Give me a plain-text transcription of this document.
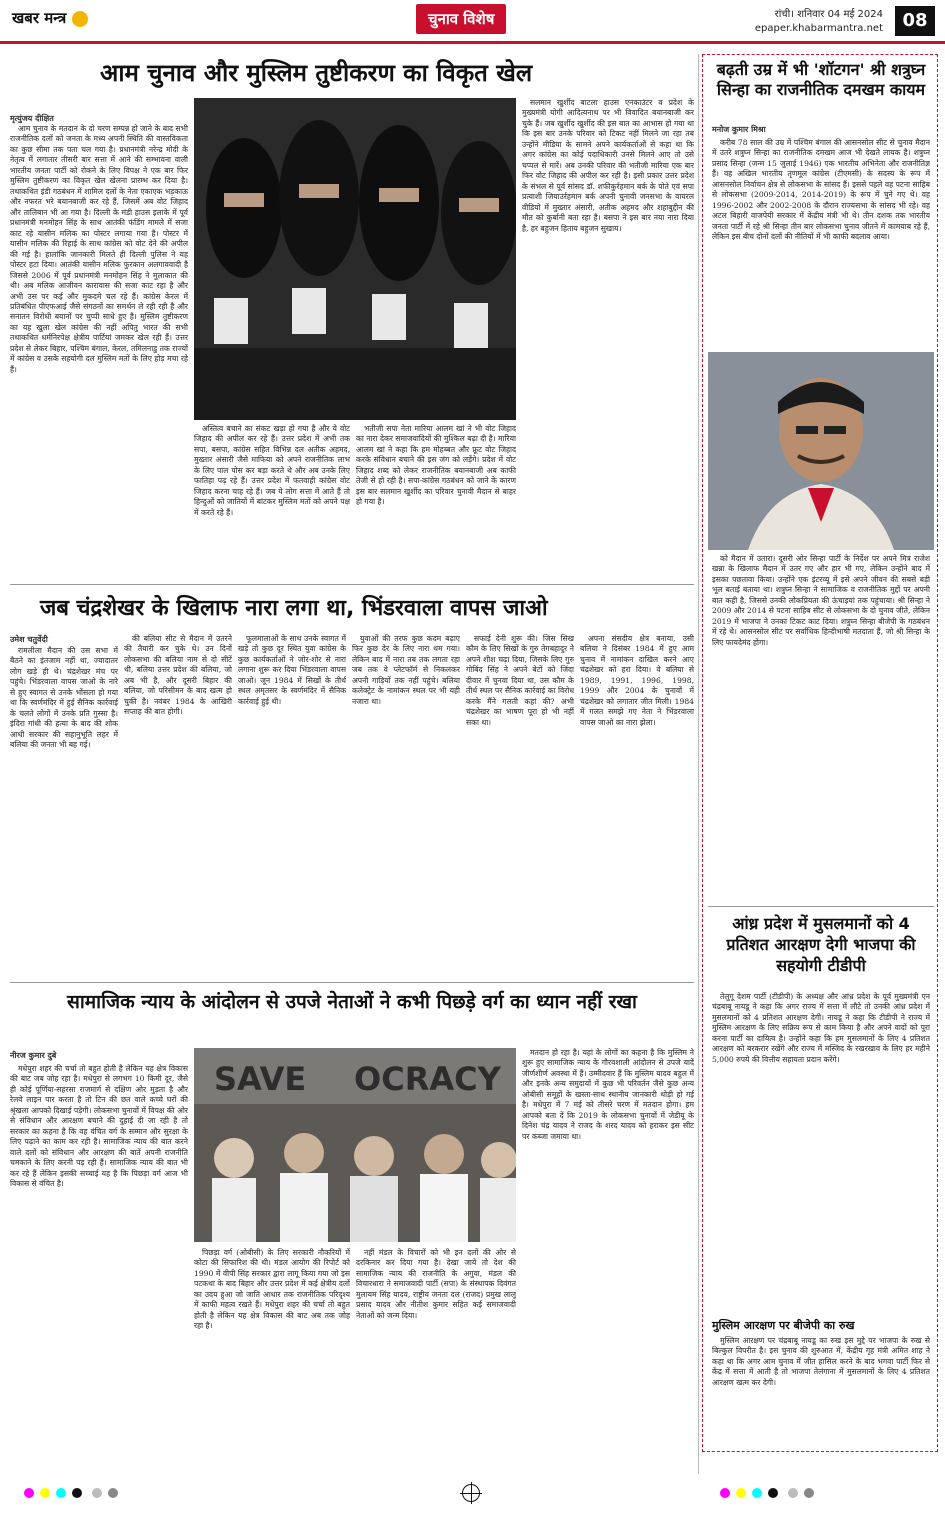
खबर मन्त्र	चुनाव विशेष	रांची। शनिवार 04 मई 2024
epaper.khabarmantra.net	08
आम चुनाव और मुस्लिम तुष्टीकरण का विकृत खेल
मृत्युंजय दीक्षित

आम चुनाव के मतदान के दो चरण सम्पन्न हो जाने के बाद सभी राजनीतिक दलों को जनता के मध्य अपनी स्थिति की वास्तविकता का कुछ सीमा तक पता चल गया है। प्रधानमंत्री नरेन्द्र मोदी के नेतृत्व में लगातार तीसरी बार सत्ता में आने की सम्भावना वाली भारतीय जनता पार्टी को रोकने के लिए विपक्ष ने एक बार फिर मुस्लिम तुष्टीकरण का विकृत खेल खेलना प्रारम्भ कर दिया है। तथाकथित इंडी गठबंधन में शामिल दलों के नेता एकाएक भड़काऊ और नफरत भरे बयानबाजी कर रहे हैं, जिसमें अब वोट जिहाद और तालिबान भी आ गया है। दिल्ली के मंडी हाउस इलाके में पूर्व प्रधानमंत्री मनमोहन सिंह के साथ आतंकी फंडिंग मामले में सजा काट रहे यासीन मलिक का पोस्टर लगाया गया है। पोस्टर में यासीन मलिक की रिहाई के साथ कांग्रेस को वोट देने की अपील की गई है। हालांकि जानकारी मिलते ही दिल्ली पुलिस ने यह पोस्टर हटा दिया। आतंकी यासीन मलिक फुरकान अलगाववादी है जिससे 2006 में पूर्व प्रधानमंत्री मनमोहन सिंह ने मुलाकात की थी। अब मलिक आजीवन कारावास की सजा काट रहा है और अभी उस पर कई और मुकदमे चल रहे हैं। कांग्रेस केरल में प्रतिबंधित पीएफआई जैसे संगठनों का समर्थन ले रही रही है और सनातन विरोधी बयानों पर चुप्पी साधे हुए है। मुस्लिम तुष्टीकरण का यह खुला खेल कांग्रेस की नहीं अपितु भारत की सभी तथाकथित धर्मनिरपेक्ष क्षेत्रीय पार्टियां जमकर खेल रही हैं। उत्तर प्रदेश से लेकर बिहार, पश्चिम बंगाल, केरल, तमिलनाडु तक राज्यों में कांग्रेस व उसके सहयोगी दल मुस्लिम मतों के लिए होड़ मचा रहे हैं।

अस्तित्व बचाने का संकट खड़ा हो गया है और ये वोट जिहाद की अपील कर रहे हैं। उत्तर प्रदेश में अभी तक सपा, बसपा, कांग्रेस सहित विभिन्न दल अतीक अहमद, मुख्तार अंसारी जैसे माफिया को अपने राजनीतिक लाभ के लिए पाल पोस कर बड़ा करते थे और अब उनके लिए फातिहा पढ़ रहे हैं। उत्तर प्रदेश में फतवाही कांग्रेस वोट जिहाद करना चाह रहे हैं। जब ये लोग सत्ता में आते हैं तो हिन्दुओं को जातियों में बांटकर मुस्लिम मतों को अपने पक्ष में करते रहे हैं।

भतीजी सपा नेता मारिया आलम खां ने भी वोट जिहाद का नारा देकर समाजवादियों की मुश्किल बढ़ा दी है। मारिया आलम खां ने कहा कि हम मोहब्बत और फ्रूट वोट जिहाद करके संविधान बचाने की इस जंग को लड़ेंगे। प्रदेश में वोट जिहाद शब्द को लेकर राजनीतिक बयानबाजी अब काफी तेजी से हो रही है। सपा-कांग्रेस गठबंधन को जाने के कारण इस बार सलमान खुर्शीद का परिवार चुनावी मैदान से बाहर हो गया है।

सलमान खुर्शीद बाटला हाउस एनकाउंटर व प्रदेश के मुख्यमंत्री योगी आदित्यनाथ पर भी विवादित बयानबाजी कर चुके हैं। जब खुर्शीद खुर्शीद की इस बात का आभास हो गया था कि इस बार उनके परिवार को टिकट नहीं मिलने जा रहा तब उन्होंने मीडिया के सामने अपने कार्यकर्ताओं से कहा था कि अगर कांग्रेस का कोई पदाधिकारी उनसे मिलने आए तो उसे चप्पल से मारें। अब उनकी परिवार की भतीजी मारिया एक बार फिर वोट जिहाद की अपील कर रही है। इसी प्रकार उत्तर प्रदेश के संभल से पूर्व सांसद डॉ. शफीकुर्रहमान बर्क के पोते एवं सपा प्रत्याशी जियाउर्रहमान बर्क अपनी चुनावी जनसभा के वायरल वीडियो में मुख्तार अंसारी, अतीक अहमद और शहाबुद्दीन की मौत को कुर्बानी बता रहा है। बसपा ने इस बार नया नारा दिया है, हर बहुजन हिताय बहुजन सुखाय।

जब चंद्रशेखर के खिलाफ नारा लगा था, भिंडरवाला वापस जाओ
उमेश चतुर्वेदी

रामलीला मैदान की उस सभा में बैठने का इंतजाम नहीं था, ज्यादातर लोग खड़े ही थे। चंद्रशेखर मंच पर पहुंचे। भिंडरवाला वापस जाओ के नारे से हुए स्वागत से उनके भोंसला हो गया था कि स्वर्णमंदिर में हुई सैनिक कार्रवाई के चलते लोगों में उनके प्रति गुस्सा है। इंदिरा गांधी की हत्या के बाद की शोक आधी सरकार की सहानुभूति लहर में बलिया की जनता भी बह गई।

की बलिया सीट से मैदान में उतरने की तैयारी कर चुके थे। उन दिनों लोकसभा की बलिया नाम से दो सीटें थी, बलिया उत्तर प्रदेश की बलिया, जो अब भी है, और दूसरी बिहार की बलिया, जो परिसीमन के बाद खत्म हो चुकी है। नवंबर 1984 के आखिरी सप्ताह की बात होगी।

फूलमालाओं के साथ उनके स्वागत में खड़े तो कुछ दूर स्थित युवा कांग्रेस के कुछ कार्यकर्ताओं ने जोर-शोर से नारा लगाना शुरू कर दिया भिंडरवाला वापस जाओ। जून 1984 में सिखों के तीर्थ स्थल अमृतसर के स्वर्णमंदिर में सैनिक कार्रवाई हुई थी।

युवाओं की तरफ कुछ कदम बढ़ाए फिर कुछ देर के लिए नारा थम गया। लेकिन बाद में नारा तब तक लगता रहा जब तक वे प्लेटफॉर्म से निकलकर अपनी गाड़ियों तक नहीं पहुंचे। बलिया कलेक्ट्रेट के नामांकन स्थल पर भी यही नजारा था।

सफाई देनी शुरू की। जिस सिख कौम के लिए सिखों के गुरु तेगबहादुर ने अपने शीश चढ़ा दिया, जिसके लिए गुरु गोबिंद सिंह ने अपने बेटों को जिंदा दीवार में चुनवा दिया था, उस कौम के तीर्थ स्थल पर सैनिक कार्रवाई का विरोध करके मैंने गलती कहां की? अभी चंद्रशेखर का भाषण पूरा हो भी नहीं सका था।

अपना संसदीय क्षेत्र बनाया, उसी बलिया ने दिसंबर 1984 में हुए आम चुनाव में नामांकन दाखिल करने आए चंद्रशेखर को हरा दिया। वे बलिया से 1989, 1991, 1996, 1998, 1999 और 2004 के चुनावों में चंद्रशेखर को लगातार जीत मिली। 1984 में गलत समझे गए नेता ने भिंडरवाला वापस जाओ का नारा झेला।

सामाजिक न्याय के आंदोलन से उपजे नेताओं ने कभी पिछड़े वर्ग का ध्यान नहीं रखा
नीरज कुमार दुबे

मधेपुरा शहर की चर्चा तो बहुत होती है लेकिन यह क्षेत्र विकास की बाट जब जोह रहा है। मधेपुरा से लगभग 10 किमी दूर, जैसे ही कोई पूर्णिया-सहरसा राजमार्ग से दक्षिण ओर मुड़ता है और रेलवे लाइन पार करता है तो टिन की छत वाले कच्चे घरों की श्रृंखला आपको दिखाई पड़ेगी। लोकसभा चुनावों में विपक्ष की ओर से संविधान और आरक्षण बचाने की दुहाई दी जा रही है तो सरकार का कहना है कि वह वंचित वर्ग के सम्मान और सुरक्षा के लिए पढ़ाने का काम कर रही है। सामाजिक न्याय की बात करने वाले दलों को संविधान और आरक्षण की बातें अपनी राजनीति चमकाने के लिए करनी पड़ रही हैं। सामाजिक न्याय की बात भी कर रहे हैं लेकिन इसकी सच्चाई यह है कि पिछड़ा वर्ग आज भी विकास से वंचित है।

SAVE OCRACY

पिछड़ा वर्ग (ओबीसी) के लिए सरकारी नौकरियों में कोटा की सिफारिश की थी। मंडल आयोग की रिपोर्ट को 1990 में वीपी सिंह सरकार द्वारा लागू किया गया जो इस पटकथा के बाद बिहार और उत्तर प्रदेश में कई क्षेत्रीय दलों का उदय हुआ जो जाति आधार तक राजनीतिक परिदृश्य में काफी महत्व रखते हैं। मधेपुरा शहर की चर्चा तो बहुत होती है लेकिन यह क्षेत्र विकास की बाट अब तक जोह रहा है।

नहीं मंडल के विचारों को भी इन दलों की ओर से दरकिनार कर दिया गया है। देखा जाये तो देश की सामाजिक न्याय की राजनीति के अगुवा, मंडल की विचारधारा ने समाजवादी पार्टी (सपा) के संस्थापक दिवंगत मुलायम सिंह यादव, राष्ट्रीय जनता दल (राजद) प्रमुख लालू प्रसाद यादव और नीतीश कुमार सहित कई समाजवादी नेताओं को जन्म दिया।

मतदान हो रहा है। यहां के लोगों का कहना है कि मुस्लिम ने शुरू हुए सामाजिक न्याय के गौरवशाली आंदोलन से उपजे यादें जीर्णशीर्ण अवस्था में हैं। उम्मीदवार हैं कि मुस्लिम यादव बहुल में और इनके अन्य समुदायों में कुछ भी परिवर्तन जैसे कुछ अन्य ओबीसी समूहों के खस्ता-साथ स्थानीय जानकारी थोड़ी हो गई है। मधेपुरा में 7 मई को तीसरे चरण में मतदान होगा। हम आपको बता दें कि 2019 के लोकसभा चुनावों में जेडीयू के दिनेश चंद्र यादव ने राजद के शरद यादव को हराकर इस सीट पर कब्जा जमाया था।

बढ़ती उम्र में भी 'शॉटगन' श्री शत्रुघ्न सिन्हा का राजनीतिक दमखम कायम
मनोज कुमार मिश्रा

करीब 78 साल की उम्र में पश्चिम बंगाल की आसनसोल सीट से चुनाव मैदान में उतरे शत्रुघ्न सिन्हा का राजनीतिक दमखम आज भी देखते लायक है। शत्रुघ्न प्रसाद सिन्हा (जन्म 15 जुलाई 1946) एक भारतीय अभिनेता और राजनीतिज्ञ हैं। वह अखिल भारतीय तृणमूल कांग्रेस (टीएमसी) के सदस्य के रूप में आसनसोल निर्वाचन क्षेत्र से लोकसभा के सांसद हैं। इससे पहले वह पटना साहिब से लोकसभा (2009-2014, 2014-2019) के रूप में चुने गए थे। वह 1996-2002 और 2002-2008 के दौरान राज्यसभा के सांसद भी रहे। वह अटल बिहारी वाजपेयी सरकार में केंद्रीय मंत्री भी थे। तीन दशक तक भारतीय जनता पार्टी में रहे श्री सिन्हा तीन बार लोकसभा चुनाव जीतने में कामयाब रहे हैं, लेकिन इस बीच दोनों दलों की नीतियों में भी काफी बदलाव आया।

को मैदान में उतारा। दूसरी ओर सिन्हा पार्टी के निर्देश पर अपने मित्र राजेश खन्ना के खिलाफ मैदान में उतर गए और हार भी गए, लेकिन उन्होंने बाद में इसका पछतावा किया। उन्होंने एक इंटरव्यू में इसे अपने जीवन की सबसे बड़ी भूल बताई बताया था। शत्रुघ्न सिन्हा ने सामाजिक व राजनीतिक मुद्दों पर अपनी बात कही है, जिससे उनकी लोकप्रियता की ऊंचाइयां तक पहुंचाया। श्री सिन्हा ने 2009 और 2014 से पटना साहिब सीट से लोकसभा के दो चुनाव जीते, लेकिन 2019 में भाजपा ने उनका टिकट काट दिया। शत्रुघ्न सिन्हा बीजेपी के गठबंधन में रहे थे। आसनसोल सीट पर सर्वाधिक हिन्दीभाषी मतदाता हैं, जो श्री सिन्हा के लिए फायदेमंद होगा।

आंध्र प्रदेश में मुसलमानों को 4 प्रतिशत आरक्षण देगी भाजपा की सहयोगी टीडीपी

तेलुगू देशम पार्टी (टीडीपी) के अध्यक्ष और आंध्र प्रदेश के पूर्व मुख्यमंत्री एन चंद्रबाबू नायडू ने कहा कि अगर राज्य में सत्ता में लौटे तो उनकी आंध्र प्रदेश में मुसलमानों को 4 प्रतिशत आरक्षण देगी। नायडू ने कहा कि टीडीपी ने राज्य में मुस्लिम आरक्षण के लिए सक्रिय रूप से काम किया है और अपने वादों को पूरा करना पार्टी का दायित्व है। उन्होंने कहा कि हम मुसलमानों के लिए 4 प्रतिशत आरक्षण को बरकरार रखेंगे और राज्य में मस्जिद के रखरखाव के लिए हर महीने 5,000 रुपये की वित्तीय सहायता प्रदान करेंगे।

मुस्लिम आरक्षण पर बीजेपी का रुख

मुस्लिम आरक्षण पर चंद्रबाबू नायडू का रुख इस मुद्दे पर भाजपा के रुख से बिल्कुल विपरीत है। इस चुनाव की शुरुआत में, केंद्रीय गृह मंत्री अमित शाह ने कहा था कि अगर आम चुनाव में जीत हासिल करने के बाद भगवा पार्टी फिर से केंद्र में सत्ता में आती है तो भाजपा तेलंगाना में मुसलमानों के लिए 4 प्रतिशत आरक्षण खत्म कर देगी।
